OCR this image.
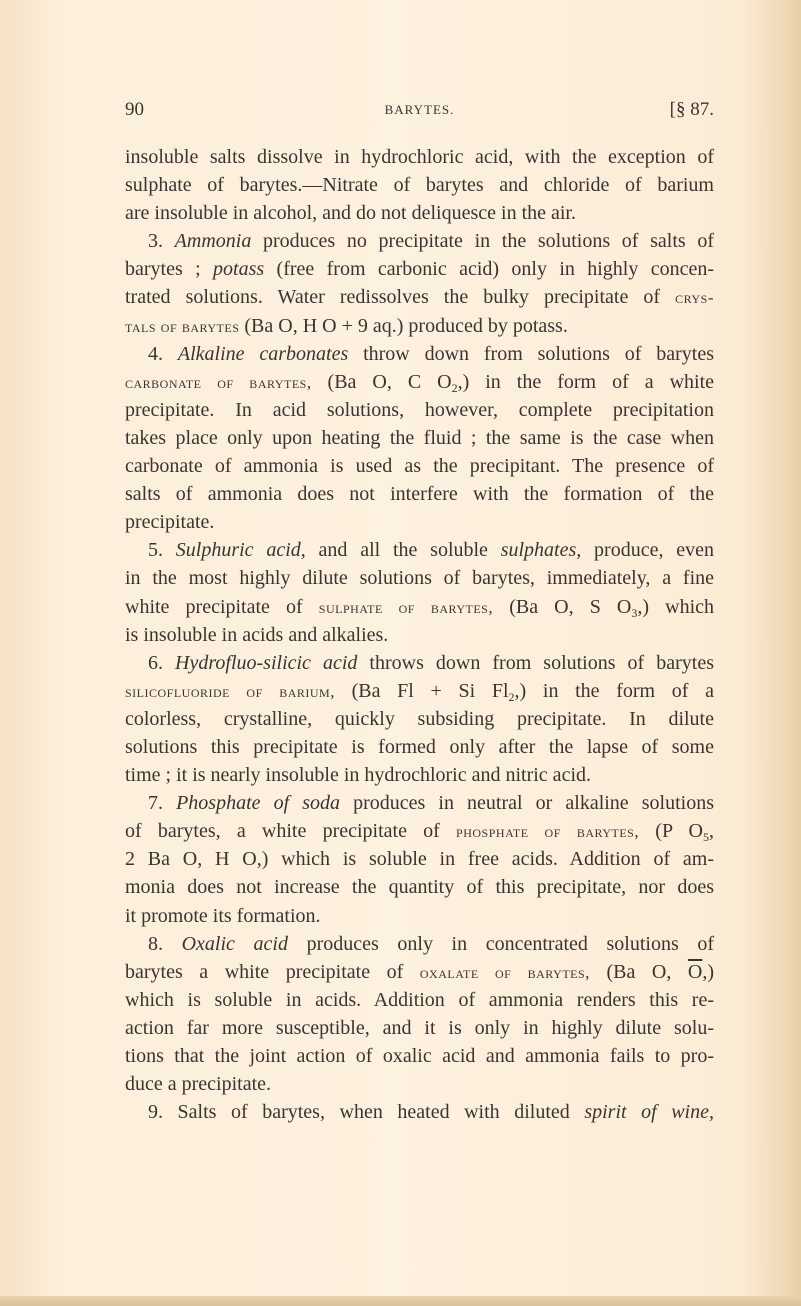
90	BARYTES.	[§ 87.
insoluble salts dissolve in hydrochloric acid, with the exception of
sulphate of barytes.—Nitrate of barytes and chloride of barium
are insoluble in alcohol, and do not deliquesce in the air.
3. Ammonia produces no precipitate in the solutions of salts of
barytes ; potass (free from carbonic acid) only in highly concen-
trated solutions. Water redissolves the bulky precipitate of crys-
tals of barytes (Ba O, H O + 9 aq.) produced by potass.
4. Alkaline carbonates throw down from solutions of barytes
carbonate of barytes, (Ba O, C $O_2$,) in the form of a white
precipitate. In acid solutions, however, complete precipitation
takes place only upon heating the fluid ; the same is the case when
carbonate of ammonia is used as the precipitant. The presence of
salts of ammonia does not interfere with the formation of the
precipitate.
5. Sulphuric acid, and all the soluble sulphates, produce, even
in the most highly dilute solutions of barytes, immediately, a fine
white precipitate of sulphate of barytes, (Ba O, S $O_3$,) which
is insoluble in acids and alkalies.
6. Hydrofluo-silicic acid throws down from solutions of barytes
silicofluoride of barium, (Ba Fl + Si $Fl_2$,) in the form of a
colorless, crystalline, quickly subsiding precipitate. In dilute
solutions this precipitate is formed only after the lapse of some
time ; it is nearly insoluble in hydrochloric and nitric acid.
7. Phosphate of soda produces in neutral or alkaline solutions
of barytes, a white precipitate of phosphate of barytes, (P $O_5$,
2 Ba O, H O,) which is soluble in free acids. Addition of am-
monia does not increase the quantity of this precipitate, nor does
it promote its formation.
8. Oxalic acid produces only in concentrated solutions of
barytes a white precipitate of oxalate of barytes, (Ba O, $\overline{O}$,)
which is soluble in acids. Addition of ammonia renders this re-
action far more susceptible, and it is only in highly dilute solu-
tions that the joint action of oxalic acid and ammonia fails to pro-
duce a precipitate.
9. Salts of barytes, when heated with diluted spirit of wine,
